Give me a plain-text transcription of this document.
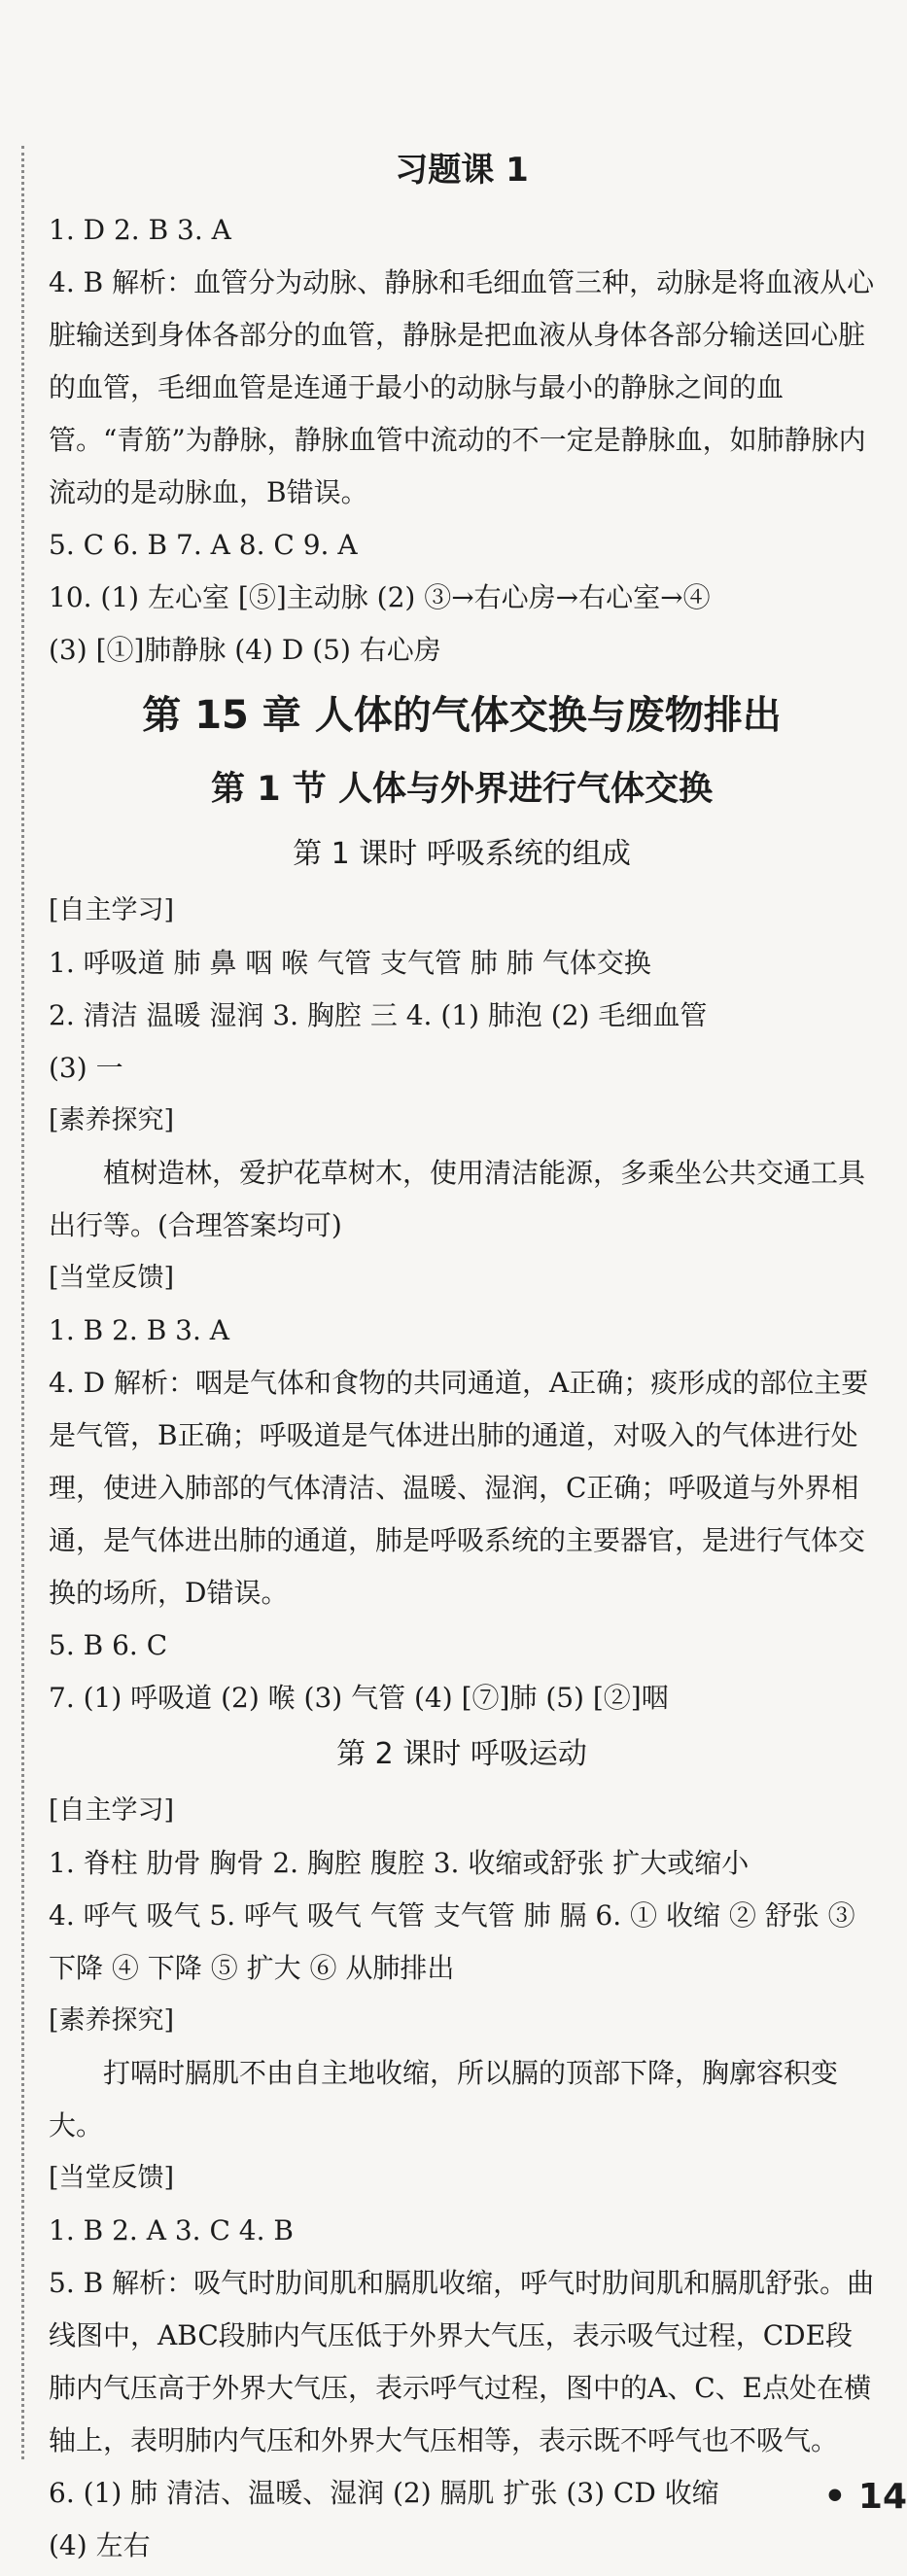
习题课 1
1. D 2. B 3. A
4. B 解析：血管分为动脉、静脉和毛细血管三种，动脉是将血液从心脏输送到身体各部分的血管，静脉是把血液从身体各部分输送回心脏的血管，毛细血管是连通于最小的动脉与最小的静脉之间的血管。“青筋”为静脉，静脉血管中流动的不一定是静脉血，如肺静脉内流动的是动脉血，B错误。
5. C 6. B 7. A 8. C 9. A
10. (1) 左心室 [⑤]主动脉 (2) ③→右心房→右心室→④
(3) [①]肺静脉 (4) D (5) 右心房
第 15 章 人体的气体交换与废物排出
第 1 节 人体与外界进行气体交换
第 1 课时 呼吸系统的组成
[自主学习]
1. 呼吸道 肺 鼻 咽 喉 气管 支气管 肺 肺 气体交换
2. 清洁 温暖 湿润 3. 胸腔 三 4. (1) 肺泡 (2) 毛细血管
(3) 一
[素养探究]
植树造林，爱护花草树木，使用清洁能源，多乘坐公共交通工具出行等。(合理答案均可)
[当堂反馈]
1. B 2. B 3. A
4. D 解析：咽是气体和食物的共同通道，A正确；痰形成的部位主要是气管，B正确；呼吸道是气体进出肺的通道，对吸入的气体进行处理，使进入肺部的气体清洁、温暖、湿润，C正确；呼吸道与外界相通，是气体进出肺的通道，肺是呼吸系统的主要器官，是进行气体交换的场所，D错误。
5. B 6. C
7. (1) 呼吸道 (2) 喉 (3) 气管 (4) [⑦]肺 (5) [②]咽
第 2 课时 呼吸运动
[自主学习]
1. 脊柱 肋骨 胸骨 2. 胸腔 腹腔 3. 收缩或舒张 扩大或缩小
4. 呼气 吸气 5. 呼气 吸气 气管 支气管 肺 膈 6. ① 收缩 ② 舒张 ③ 下降 ④ 下降 ⑤ 扩大 ⑥ 从肺排出
[素养探究]
打嗝时膈肌不由自主地收缩，所以膈的顶部下降，胸廓容积变大。
[当堂反馈]
1. B 2. A 3. C 4. B
5. B 解析：吸气时肋间肌和膈肌收缩，呼气时肋间肌和膈肌舒张。曲线图中，ABC段肺内气压低于外界大气压，表示吸气过程，CDE段肺内气压高于外界大气压，表示呼气过程，图中的A、C、E点处在横轴上，表明肺内气压和外界大气压相等，表示既不呼气也不吸气。
6. (1) 肺 清洁、温暖、湿润 (2) 膈肌 扩张 (3) CD 收缩
(4) 左右
• 14
